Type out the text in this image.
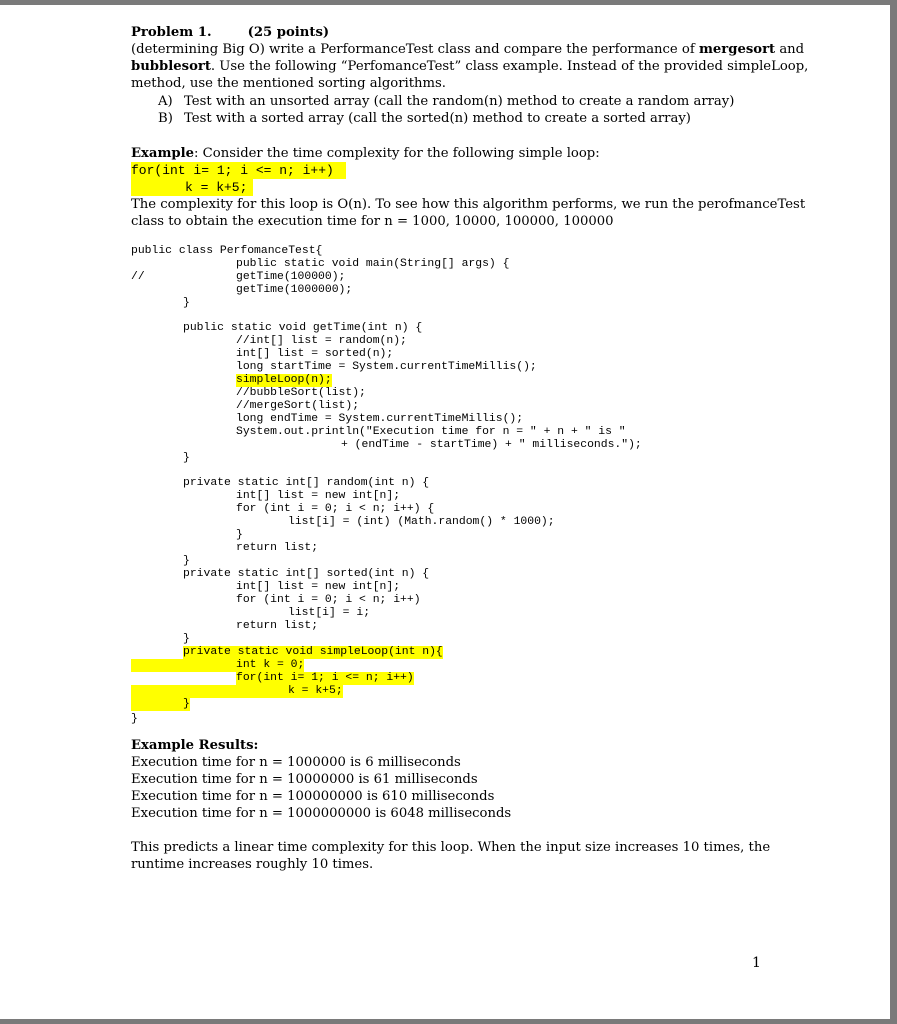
Problem 1.	(25 points)
(determining Big O) write a PerformanceTest class and compare the performance of mergesort and
bubblesort. Use the following “PerfomanceTest” class example. Instead of the provided simpleLoop,
method, use the mentioned sorting algorithms.
A) Test with an unsorted array (call the random(n) method to create a random array)
B) Test with a sorted array (call the sorted(n) method to create a sorted array)
Example: Consider the time complexity for the following simple loop:
for(int i= 1; i <= n; i++)
k = k+5;
The complexity for this loop is O(n). To see how this algorithm performs, we run the perofmanceTest
class to obtain the execution time for n = 1000, 10000, 100000, 100000
public class PerfomanceTest{
public static void main(String[] args) {
//	getTime(100000);
getTime(1000000);
}
public static void getTime(int n) {
//int[] list = random(n);
int[] list = sorted(n);
long startTime = System.currentTimeMillis();
simpleLoop(n);
//bubbleSort(list);
//mergeSort(list);
long endTime = System.currentTimeMillis();
System.out.println("Execution time for n = " + n + " is "
+ (endTime - startTime) + " milliseconds.");
}
private static int[] random(int n) {
int[] list = new int[n];
for (int i = 0; i < n; i++) {
list[i] = (int) (Math.random() * 1000);
}
return list;
}
private static int[] sorted(int n) {
int[] list = new int[n];
for (int i = 0; i < n; i++)
list[i] = i;
return list;
}
private static void simpleLoop(int n){
int k = 0;
for(int i= 1; i <= n; i++)
k = k+5;
}
}
Example Results:
Execution time for n = 1000000 is 6 milliseconds
Execution time for n = 10000000 is 61 milliseconds
Execution time for n = 100000000 is 610 milliseconds
Execution time for n = 1000000000 is 6048 milliseconds
This predicts a linear time complexity for this loop. When the input size increases 10 times, the
runtime increases roughly 10 times.
1
